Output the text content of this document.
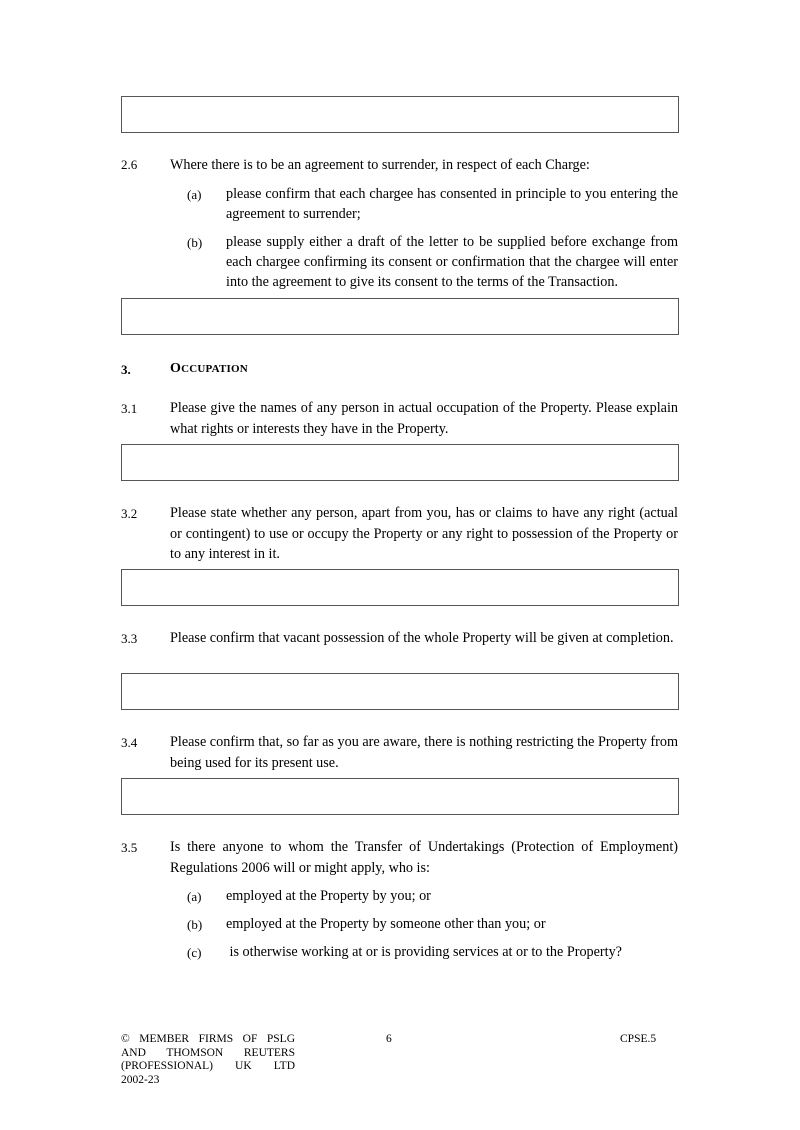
2.6 Where there is to be an agreement to surrender, in respect of each Charge:
(a) please confirm that each chargee has consented in principle to you entering the agreement to surrender;
(b) please supply either a draft of the letter to be supplied before exchange from each chargee confirming its consent or confirmation that the chargee will enter into the agreement to give its consent to the terms of the Transaction.
3.	OCCUPATION
3.1 Please give the names of any person in actual occupation of the Property. Please explain what rights or interests they have in the Property.
3.2 Please state whether any person, apart from you, has or claims to have any right (actual or contingent) to use or occupy the Property or any right to possession of the Property or to any interest in it.
3.3 Please confirm that vacant possession of the whole Property will be given at completion.
3.4 Please confirm that, so far as you are aware, there is nothing restricting the Property from being used for its present use.
3.5 Is there anyone to whom the Transfer of Undertakings (Protection of Employment) Regulations 2006 will or might apply, who is:
(a) employed at the Property by you; or
(b) employed at the Property by someone other than you; or
(c) is otherwise working at or is providing services at or to the Property?
© MEMBER FIRMS OF PSLG
AND THOMSON REUTERS
(PROFESSIONAL) UK LTD
2002-23
6	CPSE.5
